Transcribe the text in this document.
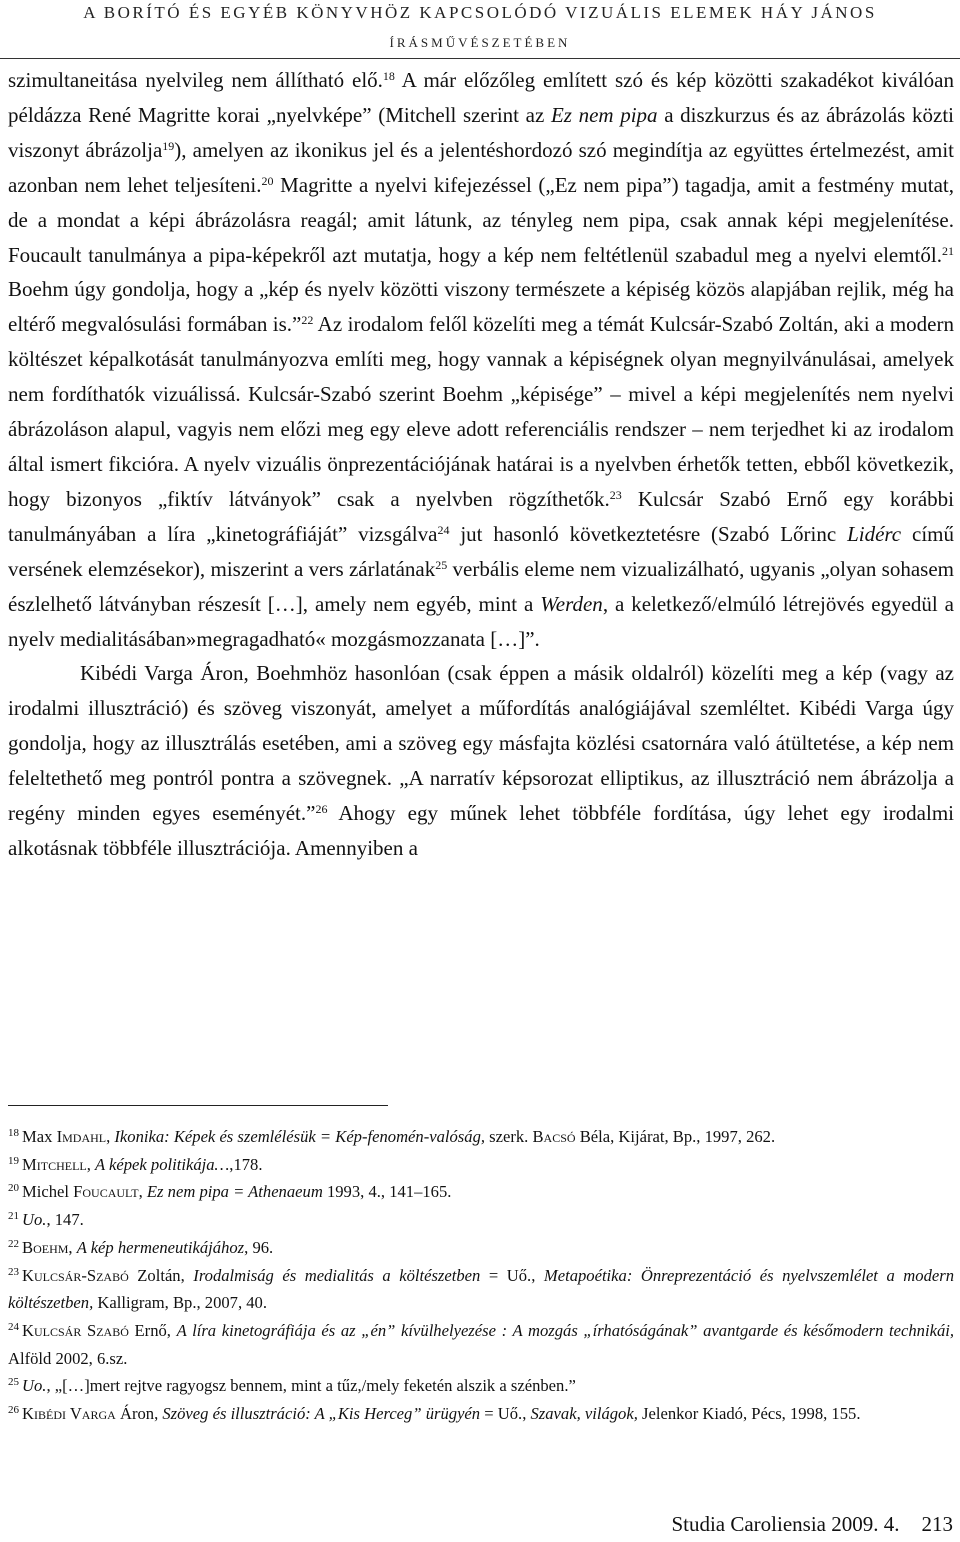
A BORÍTÓ ÉS EGYÉB KÖNYVHÖZ KAPCSOLÓDÓ VIZUÁLIS ELEMEK HÁY JÁNOS
ÍRÁSMŰVÉSZETÉBEN

szimultaneitása nyelvileg nem állítható elő.$^{18}$ A már előzőleg említett szó és kép közötti szakadékot kiválóan példázza René Magritte korai „nyelvképe” (Mitchell szerint az Ez nem pipa a diszkurzus és az ábrázolás közti viszonyt ábrázolja$^{19}$), amelyen az ikonikus jel és a jelentéshordozó szó megindítja az együttes értelmezést, amit azonban nem lehet teljesíteni.$^{20}$ Magritte a nyelvi kifejezéssel („Ez nem pipa”) tagadja, amit a festmény mutat, de a mondat a képi ábrázolásra reagál; amit látunk, az tényleg nem pipa, csak annak képi megjelenítése. Foucault tanulmánya a pipa-képekről azt mutatja, hogy a kép nem feltétlenül szabadul meg a nyelvi elemtől.$^{21}$ Boehm úgy gondolja, hogy a „kép és nyelv közötti viszony természete a képiség közös alapjában rejlik, még ha eltérő megvalósulási formában is.”$^{22}$ Az irodalom felől közelíti meg a témát Kulcsár-Szabó Zoltán, aki a modern költészet képalkotását tanulmányozva említi meg, hogy vannak a képiségnek olyan megnyilvánulásai, amelyek nem fordíthatók vizuálissá. Kulcsár-Szabó szerint Boehm „képisége” – mivel a képi megjelenítés nem nyelvi ábrázoláson alapul, vagyis nem előzi meg egy eleve adott referenciális rendszer – nem terjedhet ki az irodalom által ismert fikcióra. A nyelv vizuális önprezentációjának határai is a nyelvben érhetők tetten, ebből következik, hogy bizonyos „fiktív látványok” csak a nyelvben rögzíthetők.$^{23}$ Kulcsár Szabó Ernő egy korábbi tanulmányában a líra „kinetográfiáját” vizsgálva$^{24}$ jut hasonló következtetésre (Szabó Lőrinc Lidérc című versének elemzésekor), miszerint a vers zárlatának$^{25}$ verbális eleme nem vizualizálható, ugyanis „olyan sohasem észlelhető látványban részesít […], amely nem egyéb, mint a Werden, a keletkező/elmúló létrejövés egyedül a nyelv medialitásában»megragadható« mozgásmozzanata […]”.

Kibédi Varga Áron, Boehmhöz hasonlóan (csak éppen a másik oldalról) közelíti meg a kép (vagy az irodalmi illusztráció) és szöveg viszonyát, amelyet a műfordítás analógiájával szemléltet. Kibédi Varga úgy gondolja, hogy az illusztrálás esetében, ami a szöveg egy másfajta közlési csatornára való átültetése, a kép nem feleltethető meg pontról pontra a szövegnek. „A narratív képsorozat elliptikus, az illusztráció nem ábrázolja a regény minden egyes eseményét.”$^{26}$ Ahogy egy műnek lehet többféle fordítása, úgy lehet egy irodalmi alkotásnak többféle illusztrációja. Amennyiben a

$^{18}$ Max Imdahl, Ikonika: Képek és szemlélésük = Kép-fenomén-valóság, szerk. Bacsó Béla, Kijárat, Bp., 1997, 262.

$^{19}$ Mitchell, A képek politikája…,178.

$^{20}$ Michel Foucault, Ez nem pipa = Athenaeum 1993, 4., 141–165.

$^{21}$ Uo., 147.

$^{22}$ Boehm, A kép hermeneutikájához, 96.

$^{23}$ Kulcsár-Szabó Zoltán, Irodalmiság és medialitás a költészetben = Uő., Metapoétika: Önreprezentáció és nyelvszemlélet a modern költészetben, Kalligram, Bp., 2007, 40.

$^{24}$ Kulcsár Szabó Ernő, A líra kinetográfiája és az „én” kívülhelyezése : A mozgás „írhatóságának” avantgarde és későmodern technikái, Alföld 2002, 6.sz.

$^{25}$ Uo., „[…]mert rejtve ragyogsz bennem, mint a tűz,/mely feketén alszik a szénben.”

$^{26}$ Kibédi Varga Áron, Szöveg és illusztráció: A „Kis Herceg” ürügyén = Uő., Szavak, világok, Jelenkor Kiadó, Pécs, 1998, 155.

Studia Caroliensia 2009. 4. 213
